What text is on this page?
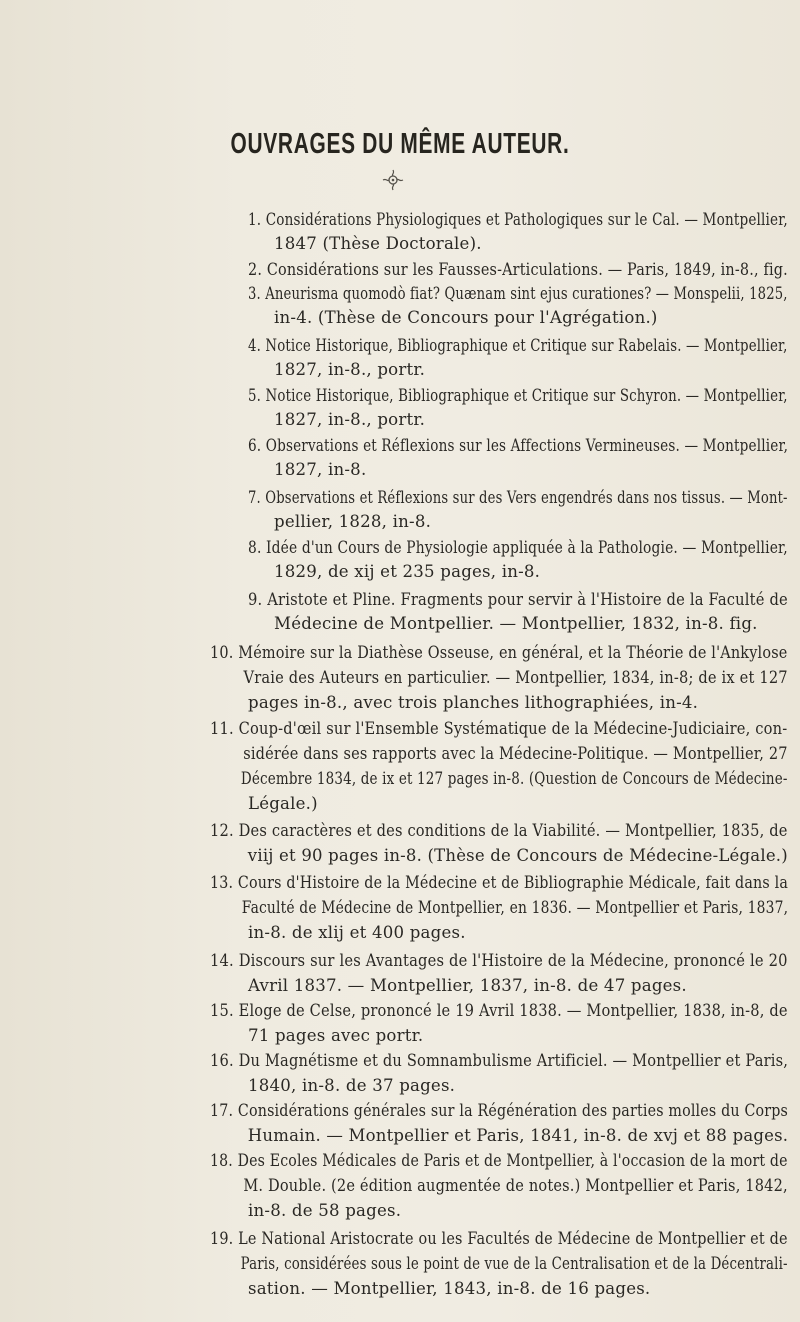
OUVRAGES DU MÊME AUTEUR.
1. Considérations Physiologiques et Pathologiques sur le Cal. — Montpellier,
1847 (Thèse Doctorale).
2. Considérations sur les Fausses-Articulations. — Paris, 1849, in-8., fig.
3. Aneurisma quomodò fiat? Quænam sint ejus curationes? — Monspelii, 1825,
in-4. (Thèse de Concours pour l'Agrégation.)
4. Notice Historique, Bibliographique et Critique sur Rabelais. — Montpellier,
1827, in-8., portr.
5. Notice Historique, Bibliographique et Critique sur Schyron. — Montpellier,
1827, in-8., portr.
6. Observations et Réflexions sur les Affections Vermineuses. — Montpellier,
1827, in-8.
7. Observations et Réflexions sur des Vers engendrés dans nos tissus. — Mont-
pellier, 1828, in-8.
8. Idée d'un Cours de Physiologie appliquée à la Pathologie. — Montpellier,
1829, de xij et 235 pages, in-8.
9. Aristote et Pline. Fragments pour servir à l'Histoire de la Faculté de
Médecine de Montpellier. — Montpellier, 1832, in-8. fig.
10. Mémoire sur la Diathèse Osseuse, en général, et la Théorie de l'Ankylose
Vraie des Auteurs en particulier. — Montpellier, 1834, in-8; de ix et 127
pages in-8., avec trois planches lithographiées, in-4.
11. Coup-d'œil sur l'Ensemble Systématique de la Médecine-Judiciaire, con-
sidérée dans ses rapports avec la Médecine-Politique. — Montpellier, 27
Décembre 1834, de ix et 127 pages in-8. (Question de Concours de Médecine-
Légale.)
12. Des caractères et des conditions de la Viabilité. — Montpellier, 1835, de
viij et 90 pages in-8. (Thèse de Concours de Médecine-Légale.)
13. Cours d'Histoire de la Médecine et de Bibliographie Médicale, fait dans la
Faculté de Médecine de Montpellier, en 1836. — Montpellier et Paris, 1837,
in-8. de xlij et 400 pages.
14. Discours sur les Avantages de l'Histoire de la Médecine, prononcé le 20
Avril 1837. — Montpellier, 1837, in-8. de 47 pages.
15. Eloge de Celse, prononcé le 19 Avril 1838. — Montpellier, 1838, in-8, de
71 pages avec portr.
16. Du Magnétisme et du Somnambulisme Artificiel. — Montpellier et Paris,
1840, in-8. de 37 pages.
17. Considérations générales sur la Régénération des parties molles du Corps
Humain. — Montpellier et Paris, 1841, in-8. de xvj et 88 pages.
18. Des Ecoles Médicales de Paris et de Montpellier, à l'occasion de la mort de
M. Double. (2e édition augmentée de notes.) Montpellier et Paris, 1842,
in-8. de 58 pages.
19. Le National Aristocrate ou les Facultés de Médecine de Montpellier et de
Paris, considérées sous le point de vue de la Centralisation et de la Décentrali-
sation. — Montpellier, 1843, in-8. de 16 pages.
